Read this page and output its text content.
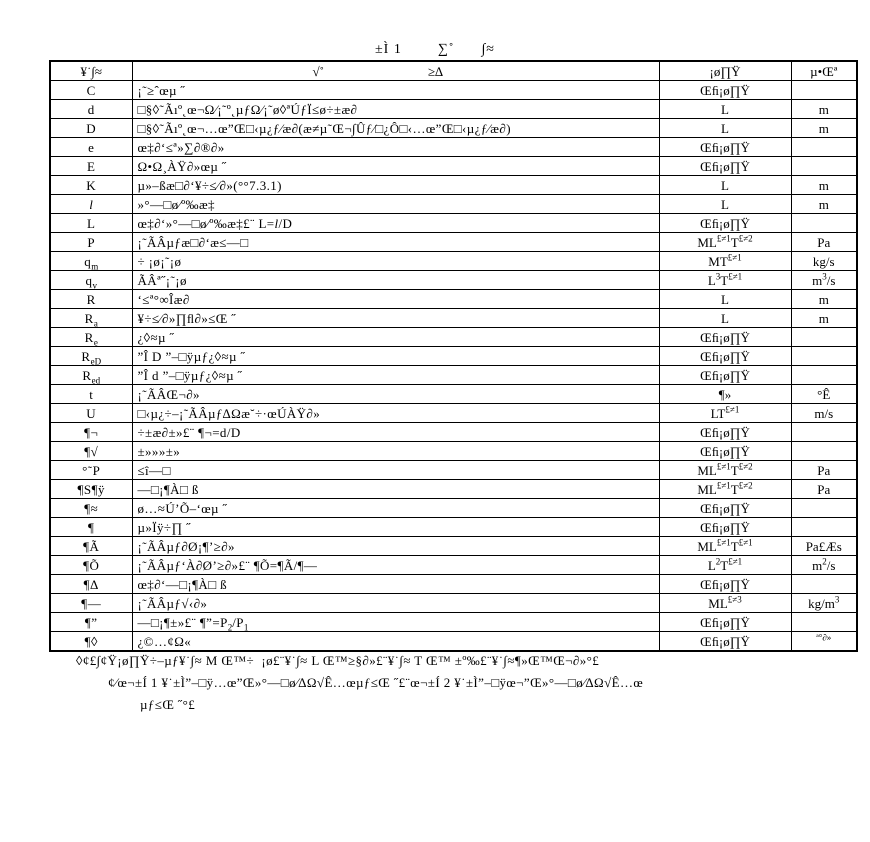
±Ì 1        ∑˚      ∫≈
¥˙∫≈	√˚                                ≥∆	¡ø∏Ÿ	µ•Œª
C	¡˜≥ˆœµ ˝	Œﬁ¡ø∏Ÿ	
d	□§◊˜Ãıº˛œ¬Ω⁄¡˜º˛µƒΩ⁄¡˜ø◊ªÚƒÏ≤ø÷±æ∂	L	m
D	□§◊˜Ãıº˛œ¬…œ”Œ□‹µ¿ƒ⁄æ∂(æ≠µ˜Œ¬∫Ûƒ⁄□¿Ô□‹…œ”Œ□‹µ¿ƒ⁄æ∂)	L	m
e	œ‡∂‘≤ª»∑∂®∂»	Œﬁ¡ø∏Ÿ	
E	Ω•Ω¸ÀŸ∂»œµ ˝	Œﬁ¡ø∏Ÿ	
K	µ»–ßæ□∂‘¥÷≤⁄∂»(°°7.3.1)	L	m
l	»°—□ø⁄º‰æ‡	L	m
L	œ‡∂‘»°—□ø⁄º‰æ‡£¨ L=l/D	Œﬁ¡ø∏Ÿ	
P	¡˜ÃÂµƒæ□∂‘æ≤—□	$ML^{£\ne 1}T^{£\ne 2}$	Pa
$q_m$	÷ ¡ø¡˜¡ø	$MT^{£\ne 1}$	kg/s
$q_v$	ÃÂª˝¡˜¡ø	$L^3T^{£\ne 1}$	$m^3/s$
R	‘≤ª°∞Îæ∂	L	m
$R_a$	¥÷≤⁄∂»∏ﬂ∂»≤Œ ˝	L	m
$R_e$	¿◊≈µ ˝	Œﬁ¡ø∏Ÿ	
$R_{eD}$	”Î D ”–□ÿµƒ¿◊≈µ ˝	Œﬁ¡ø∏Ÿ	
$R_{ed}$	”Î d ”–□ÿµƒ¿◊≈µ ˝	Œﬁ¡ø∏Ÿ	
t	¡˜ÃÂŒ¬∂»	¶»	°Ê
U	□‹µ¿÷–¡˜ÃÂµƒ∆Ωæ˘÷·œÚÀŸ∂»	$LT^{£\ne 1}$	m/s
¶¬	÷±æ∂±»£¨ ¶¬=d/D	Œﬁ¡ø∏Ÿ	
¶√	±»»»±»	Œﬁ¡ø∏Ÿ	
°˜P	≤î—□	$ML^{£\ne 1}T^{£\ne 2}$	Pa
¶S¶ÿ	—□¡¶À□ ß	$ML^{£\ne 1}T^{£\ne 2}$	Pa
¶≈	ø…≈Ú’Õ–‘œµ ˝	Œﬁ¡ø∏Ÿ	
¶	µ»Ïÿ÷∏ ˝	Œﬁ¡ø∏Ÿ	
¶Ã	¡˜ÃÂµƒ∂Ø¡¶’≥∂»	$ML^{£\ne 1}T^{£\ne 1}$	Pa£Æs
¶Õ	¡˜ÃÂµƒ‘À∂Ø’≥∂»£¨ ¶Õ=¶Ã/¶—	$L^2T^{£\ne 1}$	$m^2/s$
¶Δ	œ‡∂‘—□¡¶À□ ß	Œﬁ¡ø∏Ÿ	
¶—	¡˜ÃÂµƒ√‹∂»	$ML^{£\ne 3}$	$kg/m^3$
¶”	—□¡¶±»£¨ $\P”=P_2/P_1$	Œﬁ¡ø∏Ÿ	
¶◊	¿©…¢Ω«	Œﬁ¡ø∏Ÿ	$^{ª^\circ\partial»}$
◊¢£∫¢Ÿ¡ø∏Ÿ÷–µƒ¥˙∫≈ M Œ™÷  ¡ø£¨¥˙∫≈ L Œ™≥§∂»£¨¥˙∫≈ T Œ™ ±º‰£¨¥˙∫≈¶»Œ™Œ¬∂»°£
¢⁄œ¬±Í 1 ¥˙±Ì”–□ÿ…œ”Œ»°—□ø⁄∆Ω√Ê…œµƒ≤Œ ˝£¨œ¬±Í 2 ¥˙±Ì”–□ÿœ¬”Œ»°—□ø⁄∆Ω√Ê…œ
µƒ≤Œ ˝°£
